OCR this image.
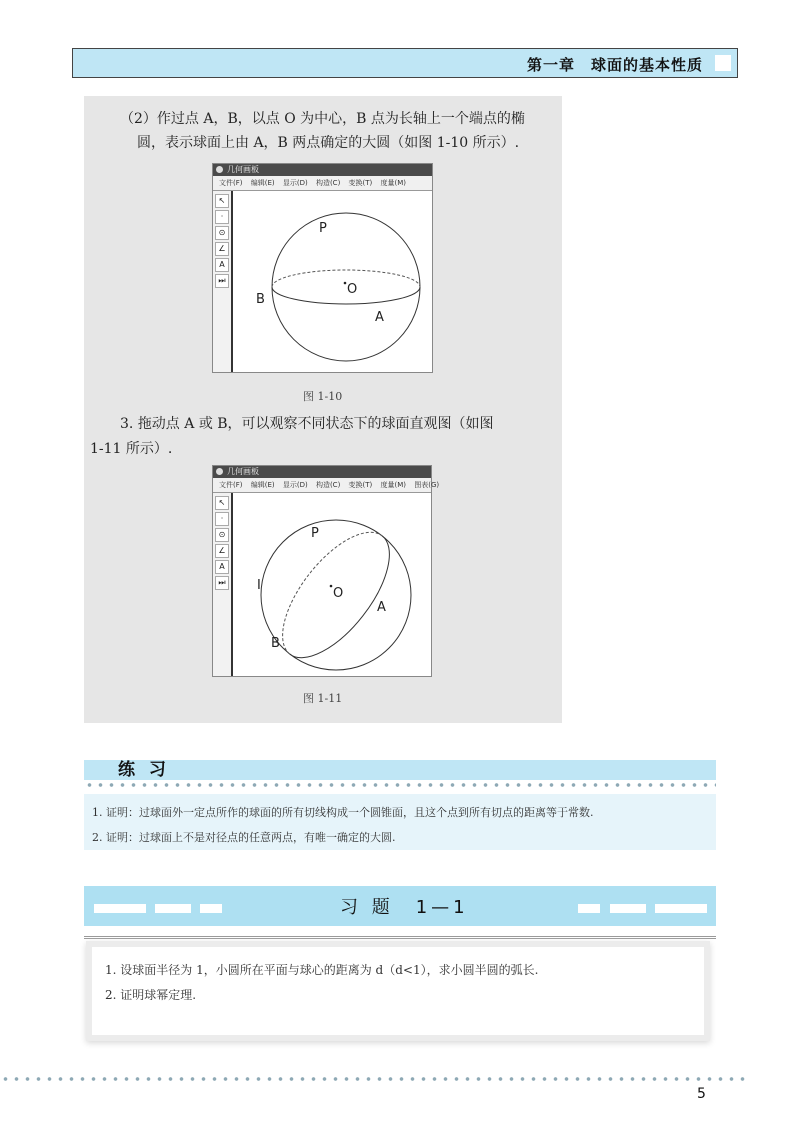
第一章　球面的基本性质
（2）作过点 A，B，以点 O 为中心，B 点为长轴上一个端点的椭
圆，表示球面上由 A，B 两点确定的大圆（如图 1-10 所示）.
几何画板
文件(F) 编辑(E) 显示(D) 构造(C) 变换(T) 度量(M)
↖
·
⊙
∠
A
⏭
P
O
A
B
图 1-10
3. 拖动点 A 或 B，可以观察不同状态下的球面直观图（如图
1-11 所示）.
几何画板
文件(F) 编辑(E) 显示(D) 构造(C) 变换(T) 度量(M) 图表(G)
↖
·
⊙
∠
A
⏭
P
O
A
B
I
图 1-11
练 习
1. 证明：过球面外一定点所作的球面的所有切线构成一个圆锥面，且这个点到所有切点的距离等于常数.
2. 证明：过球面上不是对径点的任意两点，有唯一确定的大圆.
习 题　1—1
1. 设球面半径为 1，小圆所在平面与球心的距离为 d（d<1），求小圆半圆的弧长.
2. 证明球幂定理.
5
